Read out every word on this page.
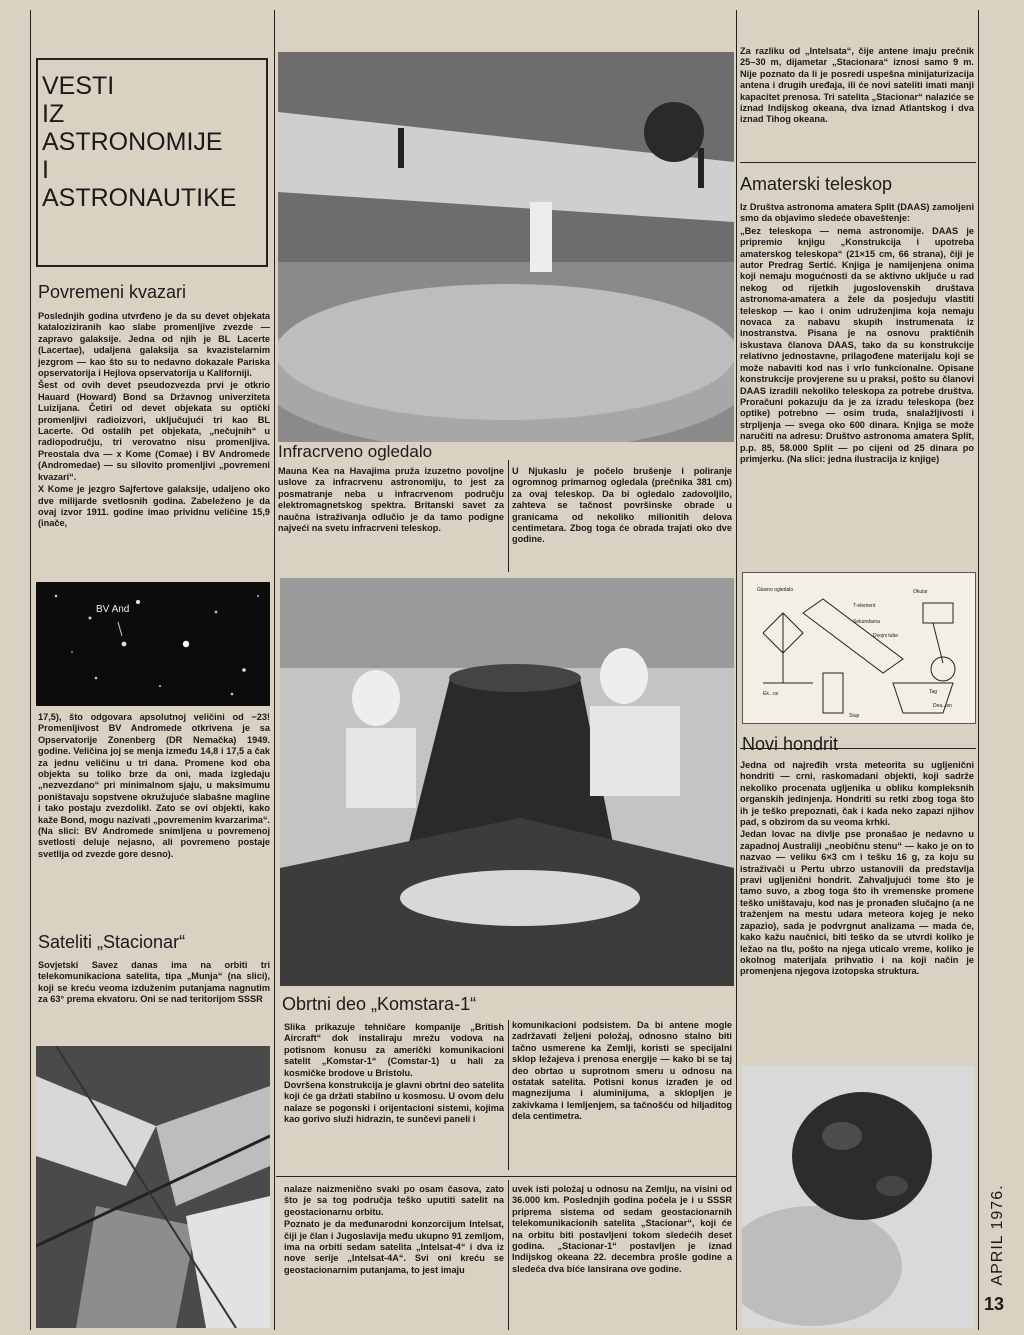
VESTI
IZ
ASTRONOMIJE
I
ASTRONAUTIKE
Povremeni kvazari

Poslednjih godina utvrđeno je da su devet objekata kataloziziranih kao slabe promenljive zvezde — zapravo galaksije. Jedna od njih je BL Lacerte (Lacertae), udaljena galaksija sa kvazistelarnim jezgrom — kao što su to nedavno dokazale Pariska opservatorija i Hejlova opservatorija u Kaliforniji.

Šest od ovih devet pseudozvezda prvi je otkrio Hauard (Howard) Bond sa Državnog univerziteta Luizijana. Četiri od devet objekata su optički promenljivi radioizvori, uključujući tri kao BL Lacerte. Od ostalih pet objekata, „nečujnih“ u radiopodručju, tri verovatno nisu promenljiva. Preostala dva — x Kome (Comae) i BV Andromede (Andromedae) — su silovito promenljivi „povremeni kvazari“.

X Kome je jezgro Sajfertove galaksije, udaljeno oko dve milijarde svetlosnih godina. Zabeleženo je da ovaj izvor 1911. godine imao prividnu veličine 15,9 (inače,

BV And

17,5), što odgovara apsolutnoj veličini od −23! Promenljivost BV Andromede otkrivena je sa Opservatorije Zonenberg (DR Nemačka) 1949. godine. Veličina joj se menja između 14,8 i 17,5 a čak za jednu veličinu u tri dana. Promene kod oba objekta su toliko brze da oni, mada izgledaju „nezvezdano“ pri minimalnom sjaju, u maksimumu poništavaju sopstvene okružujuće slabašne magline i tako postaju zvezdolikl. Zato se ovi objekti, kako kaže Bond, mogu nazivati „povremenim kvarzarima“. (Na slici: BV Andromede snimljena u povremenoj svetlosti deluje nejasno, ali povremeno postaje svetlija od zvezde gore desno).

Sateliti „Stacionar“

Sovjetski Savez danas ima na orbiti tri telekomunikaciona satelita, tipa „Munja“ (na slici), koji se kreću veoma izduženim putanjama nagnutim za 63° prema ekvatoru. Oni se nad teritorijom SSSR

Infracrveno ogledalo

Mauna Kea na Havajima pruža izuzetno povoljne uslove za infracrvenu astronomiju, to jest za posmatranje neba u infracrvenom području elektromagnetskog spektra. Britanski savet za naučna istraživanja odlučio je da tamo podigne najveći na svetu infracrveni teleskop.

U Njukaslu je počelo brušenje i poliranje ogromnog primarnog ogledala (prečnika 381 cm) za ovaj teleskop. Da bi ogledalo zadovoljilo, zahteva se tačnost površinske obrade u granicama od nekoliko milionitih delova centimetara. Zbog toga će obrada trajati oko dve godine.

Obrtni deo „Komstara-1“

Slika prikazuje tehničare kompanije „British Aircraft“ dok instaliraju mrežu vodova na potisnom konusu za američki komunikacioni satelit „Komstar-1“ (Comstar-1) u hali za kosmičke brodove u Bristolu.

Dovršena konstrukcija je glavni obrtni deo satelita koji će ga držati stabilno u kosmosu. U ovom delu nalaze se pogonski i orijentacioni sistemi, kojima kao gorivo služi hidrazin, te sunčevi paneli i

komunikacioni podsistem. Da bi antene mogle zadržavati željeni položaj, odnosno stalno biti tačno usmerene ka Zemlji, koristi se specijalni sklop ležajeva i prenosa energije — kako bi se taj deo obrtao u suprotnom smeru u odnosu na ostatak satelita. Potisni konus izrađen je od magnezijuma i aluminijuma, a sklopljen je zakivkama i lemljenjem, sa tačnošću od hiljaditog dela centimetra.

nalaze naizmenično svaki po osam časova, zato što je sa tog područja teško uputiti satelit na geostacionarnu orbitu.

Poznato je da međunarodni konzorcijum Intelsat, čiji je član i Jugoslavija među ukupno 91 zemljom, ima na orbiti sedam satelita „Intelsat-4“ i dva iz nove serije „Intelsat-4A“. Svi oni kreću se geostacionarnim putanjama, to jest imaju

uvek isti položaj u odnosu na Zemlju, na visini od 36.000 km. Poslednjih godina počela je i u SSSR priprema sistema od sedam geostacionarnih telekomunikacionih satelita „Stacionar“, koji će na orbitu biti postavljeni tokom sledećih deset godina. „Stacionar-1“ postavljen je iznad Indijskog okeana 22. decembra prošle godine a sledeća dva biće lansirana ove godine.

Za razliku od „Intelsata“, čije antene imaju prečnik 25–30 m, dijametar „Stacionara“ iznosi samo 9 m. Nije poznato da li je posredi uspešna minijaturizacija antena i drugih uređaja, ili će novi sateliti imati manji kapacitet prenosa. Tri satelita „Stacionar“ nalaziće se iznad Indijskog okeana, dva iznad Atlantskog i dva iznad Tihog okeana.

Amaterski teleskop

Iz Društva astronoma amatera Split (DAAS) zamoljeni smo da objavimo sledeće obaveštenje:

„Bez teleskopa — nema astronomije. DAAS je pripremio knjigu „Konstrukcija i upotreba amaterskog teleskopa“ (21×15 cm, 66 strana), čiji je autor Predrag Sertić. Knjiga je namijenjena onima koji nemaju mogućnosti da se aktivno uključe u rad nekog od rijetkih jugoslovenskih društava astronoma-amatera a žele da posjeduju vlastiti teleskop — kao i onim udruženjima koja nemaju novaca za nabavu skupih instrumenata iz inostranstva. Pisana je na osnovu praktičnih iskustava članova DAAS, tako da su konstrukcije relativno jednostavne, prilagođene materijalu koji se može nabaviti kod nas i vrlo funkcionalne. Opisane konstrukcije provjerene su u praksi, pošto su članovi DAAS izradili nekoliko teleskopa za potrebe društva. Proračuni pokazuju da je za izradu teleskopa (bez optike) potrebno — osim truda, snalažljivosti i strpljenja — svega oko 600 dinara. Knjiga se može naručiti na adresu: Društvo astronoma amatera Split, p.p. 85, 58.000 Split — po cijeni od 25 dinara po primjerku. (Na slici: jedna ilustracija iz knjige)

Glavno ogledalo	Okular
T-element
Sekundarna
Dvojni tube
Ek...os	Tag
Stup
Dea...en
Novi hondrit

Jedna od najređih vrsta meteorita su ugljenični hondriti — crni, raskomadani objekti, koji sadrže nekoliko procenata ugljenika u obliku kompleksnih organskih jedinjenja. Hondriti su retki zbog toga što ih je teško prepoznati, čak i kada neko zapazi njihov pad, s obzirom da su veoma krhki.

Jedan lovac na divlje pse pronašao je nedavno u zapadnoj Australiji „neobičnu stenu“ — kako je on to nazvao — veliku 6×3 cm i tešku 16 g, za koju su istraživači u Pertu ubrzo ustanovili da predstavlja pravi ugljenični hondrit. Zahvaljujući tome što je tamo suvo, a zbog toga što ih vremenske promene teško uništavaju, kod nas je pronađen slučajno (a ne traženjem na mestu udara meteora kojeg je neko zapazio), sada je podvrgnut analizama — mada će, kako kažu naučnici, biti teško da se utvrdi koliko je ležao na tlu, pošto na njega uticalo vreme, koliko je okolnog materijala prihvatio i na koji način je promenjena njegova izotopska struktura.

APRIL 1976.
13
